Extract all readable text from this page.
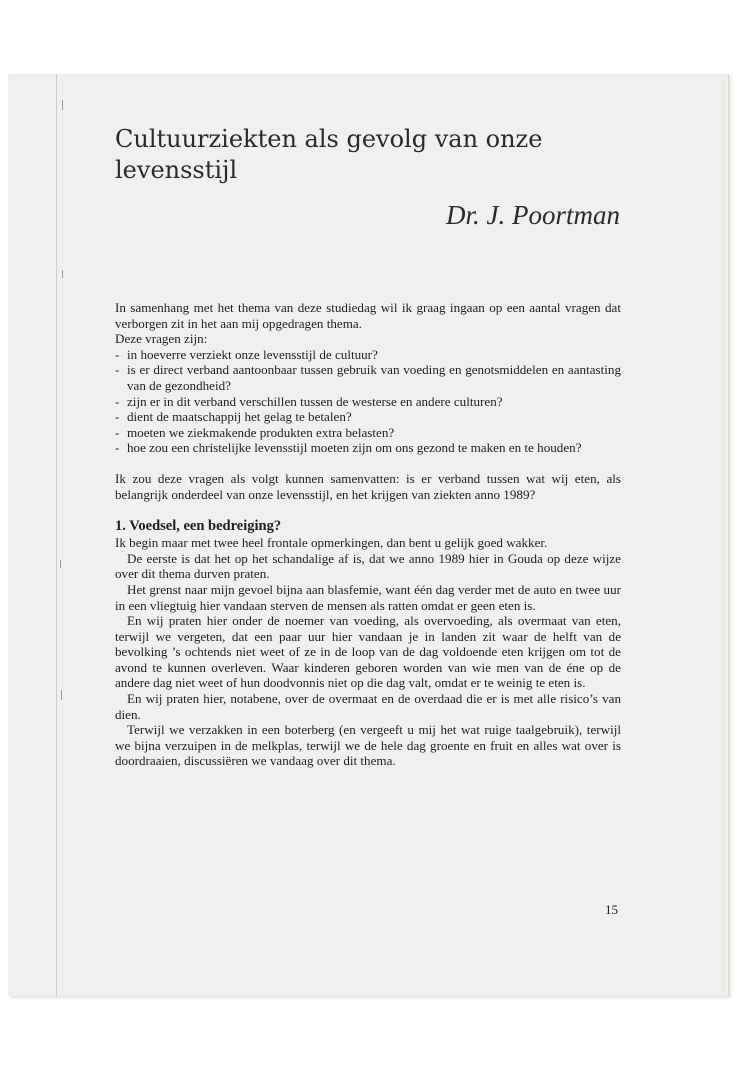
Cultuurziekten als gevolg van onze levensstijl

Dr. J. Poortman

In samenhang met het thema van deze studiedag wil ik graag ingaan op een aantal vragen dat verborgen zit in het aan mij opgedragen thema.

Deze vragen zijn:

- in hoeverre verziekt onze levensstijl de cultuur?
- is er direct verband aantoonbaar tussen gebruik van voeding en genotsmiddelen en aantasting van de gezondheid?
- zijn er in dit verband verschillen tussen de westerse en andere culturen?
- dient de maatschappij het gelag te betalen?
- moeten we ziekmakende produkten extra belasten?
- hoe zou een christelijke levensstijl moeten zijn om ons gezond te maken en te houden?

Ik zou deze vragen als volgt kunnen samenvatten: is er verband tussen wat wij eten, als belangrijk onderdeel van onze levensstijl, en het krijgen van ziekten anno 1989?

1. Voedsel, een bedreiging?

Ik begin maar met twee heel frontale opmerkingen, dan bent u gelijk goed wakker.

De eerste is dat het op het schandalige af is, dat we anno 1989 hier in Gouda op deze wijze over dit thema durven praten.

Het grenst naar mijn gevoel bijna aan blasfemie, want één dag verder met de auto en twee uur in een vliegtuig hier vandaan sterven de mensen als ratten omdat er geen eten is.

En wij praten hier onder de noemer van voeding, als overvoeding, als overmaat van eten, terwijl we vergeten, dat een paar uur hier vandaan je in landen zit waar de helft van de bevolking ’s ochtends niet weet of ze in de loop van de dag voldoende eten krijgen om tot de avond te kunnen overleven. Waar kinderen geboren worden van wie men van de éne op de andere dag niet weet of hun doodvonnis niet op die dag valt, omdat er te weinig te eten is.

En wij praten hier, notabene, over de overmaat en de overdaad die er is met alle risico’s van dien.

Terwijl we verzakken in een boterberg (en vergeeft u mij het wat ruige taalgebruik), terwijl we bijna verzuipen in de melkplas, terwijl we de hele dag groente en fruit en alles wat over is doordraaien, discussiëren we vandaag over dit thema.

15
